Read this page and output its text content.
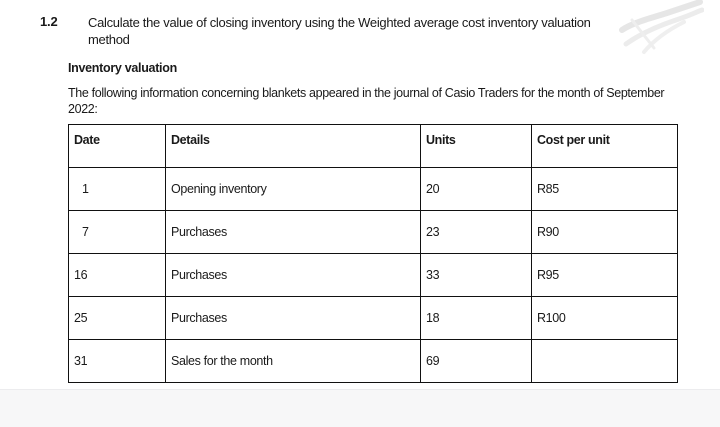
1.2 Calculate the value of closing inventory using the Weighted average cost inventory valuation method
Inventory valuation
The following information concerning blankets appeared in the journal of Casio Traders for the month of September 2022:
Date	Details	Units	Cost per unit
1	Opening inventory	20	R85
7	Purchases	23	R90
16	Purchases	33	R95
25	Purchases	18	R100
31	Sales for the month	69	
